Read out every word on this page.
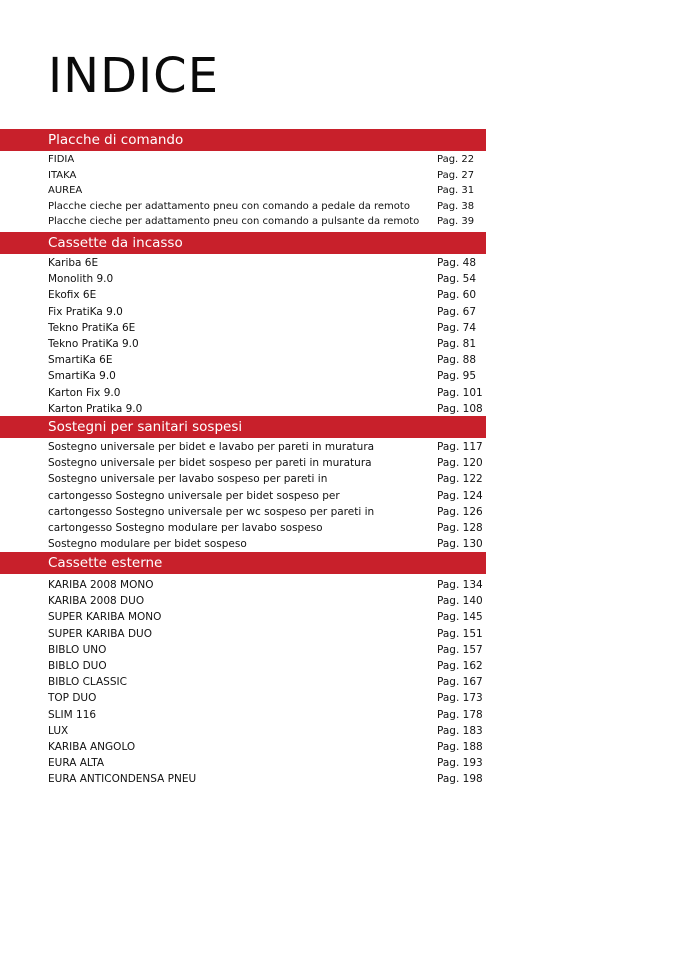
INDICE
Placche di comando
FIDIA	Pag. 22
ITAKA	Pag. 27
AUREA	Pag. 31
Placche cieche per adattamento pneu con comando a pedale da remoto	Pag. 38
Placche cieche per adattamento pneu con comando a pulsante da remoto Pag. 39
Cassette da incasso
Kariba 6E	Pag. 48
Monolith 9.0	Pag. 54
Ekofix 6E	Pag. 60
Fix PratiKa 9.0	Pag. 67
Tekno PratiKa 6E	Pag. 74
Tekno PratiKa 9.0	Pag. 81
SmartiKa 6E	Pag. 88
SmartiKa 9.0	Pag. 95
Karton Fix 9.0	Pag. 101
Karton Pratika 9.0	Pag. 108
Sostegni per sanitari sospesi
Sostegno universale per bidet e lavabo per pareti in muratura	Pag. 117
Sostegno universale per bidet sospeso per pareti in muratura	Pag. 120
Sostegno universale per lavabo sospeso per pareti in	Pag. 122
cartongesso Sostegno universale per bidet sospeso per	Pag. 124
cartongesso Sostegno universale per wc sospeso per pareti in	Pag. 126
cartongesso Sostegno modulare per lavabo sospeso	Pag. 128
Sostegno modulare per bidet sospeso	Pag. 130
Cassette esterne
KARIBA 2008 MONO	Pag. 134
KARIBA 2008 DUO	Pag. 140
SUPER KARIBA MONO	Pag. 145
SUPER KARIBA DUO	Pag. 151
BIBLO UNO	Pag. 157
BIBLO DUO	Pag. 162
BIBLO CLASSIC	Pag. 167
TOP DUO	Pag. 173
SLIM 116	Pag. 178
LUX	Pag. 183
KARIBA ANGOLO	Pag. 188
EURA ALTA	Pag. 193
EURA ANTICONDENSA PNEU	Pag. 198
